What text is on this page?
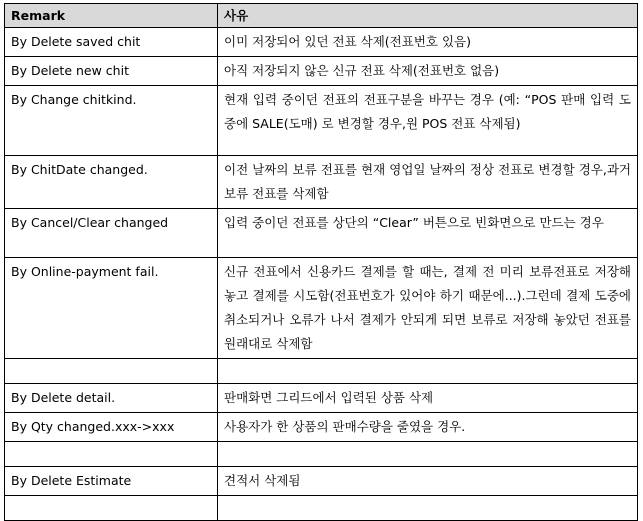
Remark	사유
By Delete saved chit	이미 저장되어 있던 전표 삭제(전표번호 있음)
By Delete new chit	아직 저장되지 않은 신규 전표 삭제(전표번호 없음)
By Change chitkind.	현재 입력 중이던 전표의 전표구분을 바꾸는 경우 (예: “POS 판매 입력 도중에 SALE(도매) 로 변경할 경우,원 POS 전표 삭제됨)
By ChitDate changed.	이전 날짜의 보류 전표를 현재 영업일 날짜의 정상 전표로 변경할 경우,과거 보류 전표를 삭제함
By Cancel/Clear changed	입력 중이던 전표를 상단의 “Clear” 버튼으로 빈화면으로 만드는 경우
By Online-payment fail.	신규 전표에서 신용카드 결제를 할 때는, 결제 전 미리 보류전표로 저장해 놓고 결제를 시도함(전표번호가 있어야 하기 때문에...).그런데 결제 도중에 취소되거나 오류가 나서 결제가 안되게 되면 보류로 저장해 놓았던 전표를 원래대로 삭제함

By Delete detail.	판매화면 그리드에서 입력된 상품 삭제
By Qty changed.xxx->xxx	사용자가 한 상품의 판매수량을 줄였을 경우.

By Delete Estimate	견적서 삭제됨
